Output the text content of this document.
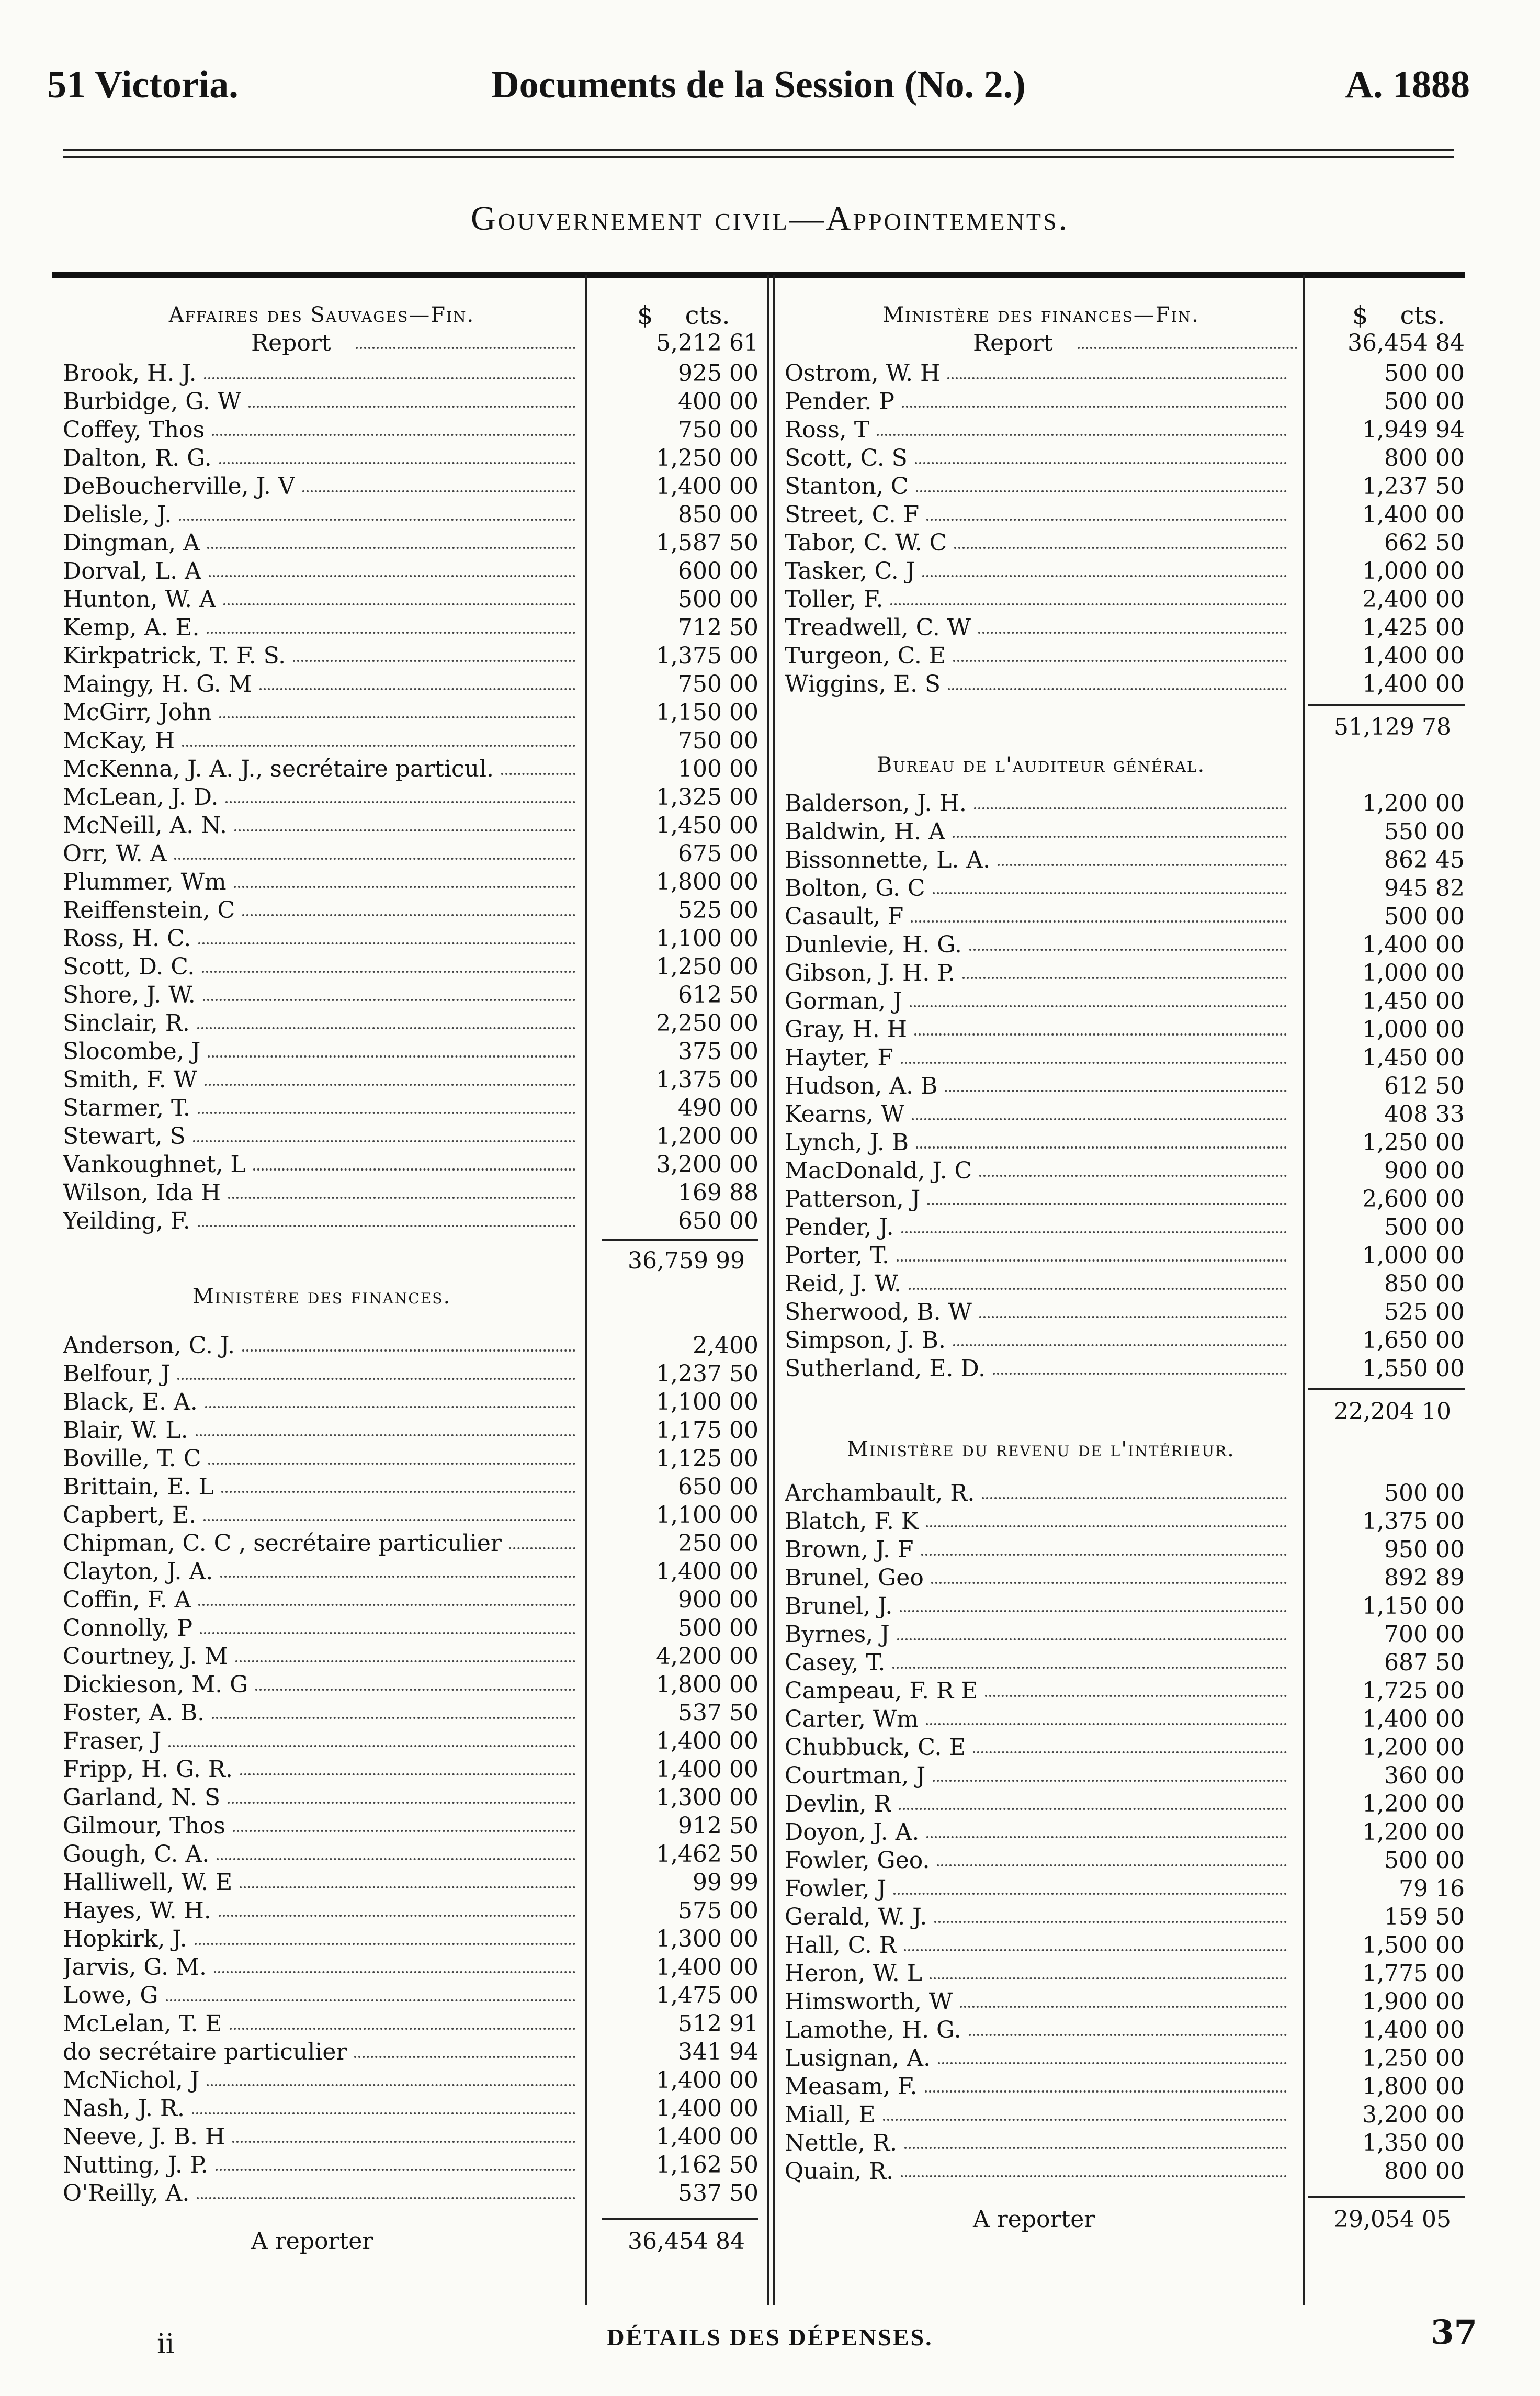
51 Victoria.	Documents de la Session (No. 2.)	A. 1888
Gouvernement civil—Appointements.
$ cts.	$ cts.
Affaires des Sauvages—Fin.
Report	5,212 61
Brook, H. J.	925 00
Burbidge, G. W	400 00
Coffey, Thos	750 00
Dalton, R. G.	1,250 00
DeBoucherville, J. V	1,400 00
Delisle, J.	850 00
Dingman, A	1,587 50
Dorval, L. A	600 00
Hunton, W. A	500 00
Kemp, A. E.	712 50
Kirkpatrick, T. F. S.	1,375 00
Maingy, H. G. M	750 00
McGirr, John	1,150 00
McKay, H	750 00
McKenna, J. A. J., secrétaire particul.	100 00
McLean, J. D.	1,325 00
McNeill, A. N.	1,450 00
Orr, W. A	675 00
Plummer, Wm	1,800 00
Reiffenstein, C	525 00
Ross, H. C.	1,100 00
Scott, D. C.	1,250 00
Shore, J. W.	612 50
Sinclair, R.	2,250 00
Slocombe, J	375 00
Smith, F. W	1,375 00
Starmer, T.	490 00
Stewart, S	1,200 00
Vankoughnet, L	3,200 00
Wilson, Ida H	169 88
Yeilding, F.	650 00
36,759 99
Ministère des finances.
Anderson, C. J.	2,400
Belfour, J	1,237 50
Black, E. A.	1,100 00
Blair, W. L.	1,175 00
Boville, T. C	1,125 00
Brittain, E. L	650 00
Capbert, E.	1,100 00
Chipman, C. C , secrétaire particulier	250 00
Clayton, J. A.	1,400 00
Coffin, F. A	900 00
Connolly, P	500 00
Courtney, J. M	4,200 00
Dickieson, M. G	1,800 00
Foster, A. B.	537 50
Fraser, J	1,400 00
Fripp, H. G. R.	1,400 00
Garland, N. S	1,300 00
Gilmour, Thos	912 50
Gough, C. A.	1,462 50
Halliwell, W. E	99 99
Hayes, W. H.	575 00
Hopkirk, J.	1,300 00
Jarvis, G. M.	1,400 00
Lowe, G	1,475 00
McLelan, T. E	512 91
do secrétaire particulier	341 94
McNichol, J	1,400 00
Nash, J. R.	1,400 00
Neeve, J. B. H	1,400 00
Nutting, J. P.	1,162 50
O'Reilly, A.	537 50
A reporter	36,454 84
Ministère des finances—Fin.
Report	36,454 84
Ostrom, W. H	500 00
Pender. P	500 00
Ross, T	1,949 94
Scott, C. S	800 00
Stanton, C	1,237 50
Street, C. F	1,400 00
Tabor, C. W. C	662 50
Tasker, C. J	1,000 00
Toller, F.	2,400 00
Treadwell, C. W	1,425 00
Turgeon, C. E	1,400 00
Wiggins, E. S	1,400 00
51,129 78
Bureau de l'auditeur général.
Balderson, J. H.	1,200 00
Baldwin, H. A	550 00
Bissonnette, L. A.	862 45
Bolton, G. C	945 82
Casault, F	500 00
Dunlevie, H. G.	1,400 00
Gibson, J. H. P.	1,000 00
Gorman, J	1,450 00
Gray, H. H	1,000 00
Hayter, F	1,450 00
Hudson, A. B	612 50
Kearns, W	408 33
Lynch, J. B	1,250 00
MacDonald, J. C	900 00
Patterson, J	2,600 00
Pender, J.	500 00
Porter, T.	1,000 00
Reid, J. W.	850 00
Sherwood, B. W	525 00
Simpson, J. B.	1,650 00
Sutherland, E. D.	1,550 00
22,204 10
Ministère du revenu de l'intérieur.
Archambault, R.	500 00
Blatch, F. K	1,375 00
Brown, J. F	950 00
Brunel, Geo	892 89
Brunel, J.	1,150 00
Byrnes, J	700 00
Casey, T.	687 50
Campeau, F. R E	1,725 00
Carter, Wm	1,400 00
Chubbuck, C. E	1,200 00
Courtman, J	360 00
Devlin, R	1,200 00
Doyon, J. A.	1,200 00
Fowler, Geo.	500 00
Fowler, J	79 16
Gerald, W. J.	159 50
Hall, C. R	1,500 00
Heron, W. L	1,775 00
Himsworth, W	1,900 00
Lamothe, H. G.	1,400 00
Lusignan, A.	1,250 00
Measam, F.	1,800 00
Miall, E	3,200 00
Nettle, R.	1,350 00
Quain, R.	800 00
A reporter	29,054 05
ii	DÉTAILS DES DÉPENSES.	37
